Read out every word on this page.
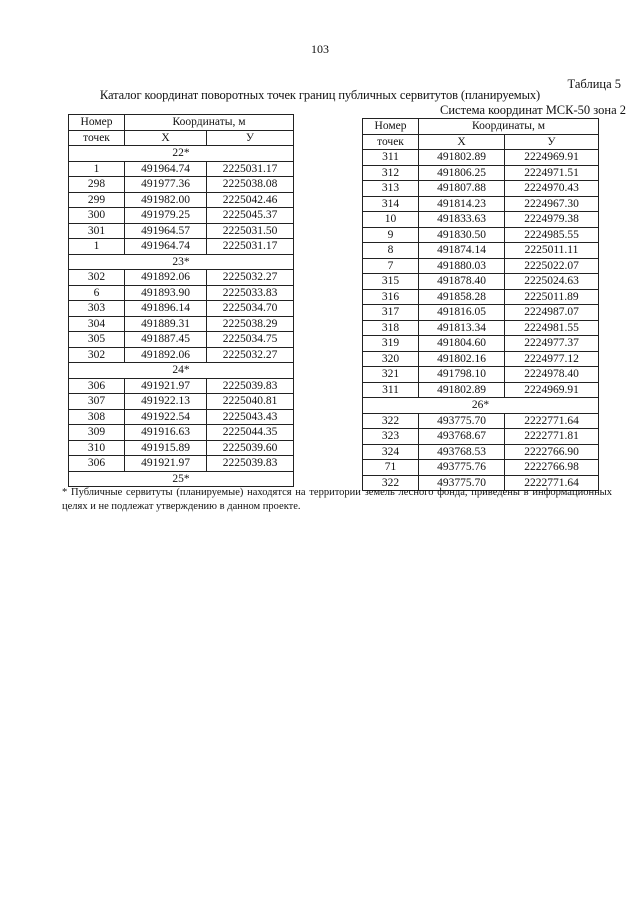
103
Таблица 5
Каталог координат поворотных точек границ публичных сервитутов (планируемых)
Система координат МСК-50 зона 2
Номер	Координаты, м	
точек	X	У
22*		
1	491964.74	2225031.17
298	491977.36	2225038.08
299	491982.00	2225042.46
300	491979.25	2225045.37
301	491964.57	2225031.50
1	491964.74	2225031.17
23*		
302	491892.06	2225032.27
6	491893.90	2225033.83
303	491896.14	2225034.70
304	491889.31	2225038.29
305	491887.45	2225034.75
302	491892.06	2225032.27
24*		
306	491921.97	2225039.83
307	491922.13	2225040.81
308	491922.54	2225043.43
309	491916.63	2225044.35
310	491915.89	2225039.60
306	491921.97	2225039.83
25*		
Номер	Координаты, м	
точек	X	У
311	491802.89	2224969.91
312	491806.25	2224971.51
313	491807.88	2224970.43
314	491814.23	2224967.30
10	491833.63	2224979.38
9	491830.50	2224985.55
8	491874.14	2225011.11
7	491880.03	2225022.07
315	491878.40	2225024.63
316	491858.28	2225011.89
317	491816.05	2224987.07
318	491813.34	2224981.55
319	491804.60	2224977.37
320	491802.16	2224977.12
321	491798.10	2224978.40
311	491802.89	2224969.91
26*		
322	493775.70	2222771.64
323	493768.67	2222771.81
324	493768.53	2222766.90
71	493775.76	2222766.98
322	493775.70	2222771.64
* Публичные сервитуты (планируемые) находятся на территории земель лесного фонда, приведены в информационных целях и не подлежат утверждению в данном проекте.
